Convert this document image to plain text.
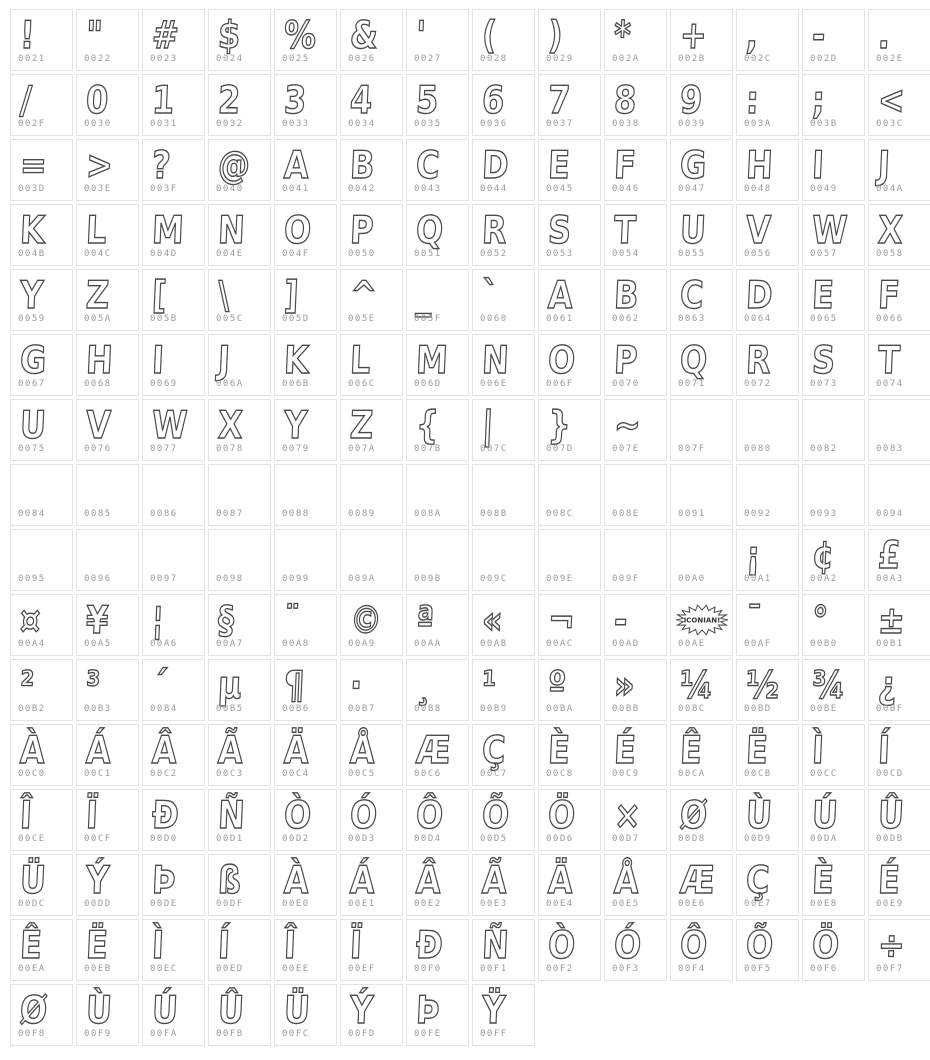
!
0021
"
0022
#
0023
$
0024
%
0025
&
0026
'
0027
(
0028
)
0029
*
002A
+
002B
,
002C
-
002D
.
002E
/
002F
0
0030
1
0031
2
0032
3
0033
4
0034
5
0035
6
0036
7
0037
8
0038
9
0039
:
003A
;
003B
<
003C
=
003D
>
003E
?
003F
@
0040
A
0041
B
0042
C
0043
D
0044
E
0045
F
0046
G
0047
H
0048
I
0049
J
004A
K
004B
L
004C
M
004D
N
004E
O
004F
P
0050
Q
0051
R
0052
S
0053
T
0054
U
0055
V
0056
W
0057
X
0058
Y
0059
Z
005A
[
005B
\
005C
]
005D
^
005E
_
005F
`
0060
A
0061
B
0062
C
0063
D
0064
E
0065
F
0066
G
0067
H
0068
I
0069
J
006A
K
006B
L
006C
M
006D
N
006E
O
006F
P
0070
Q
0071
R
0072
S
0073
T
0074
U
0075
V
0076
W
0077
X
0078
Y
0079
Z
007A
{
007B
|
007C
}
007D
~
007E	007F	0080	0082	0083
0084	0085	0086	0087	0088	0089	008A	008B	008C	008E	0091	0092	0093	0094
0095	0096	0097	0098	0099	009A	009B	009C	009E	009F	00A0
¡
00A1
¢
00A2
£
00A3
¤
00A4
¥
00A5
¦
00A6
§
00A7
¨
00A8
©
00A9
ª
00AA
«
00AB
¬
00AC
-
00AD
ICONIAN!
00AE
¯
00AF
°
00B0
±
00B1
²
00B2
³
00B3
´
00B4
µ
00B5
¶
00B6
·
00B7
¸
00B8
¹
00B9
º
00BA
»
00BB
¼
00BC
½
00BD
¾
00BE
¿
00BF
À
00C0
Á
00C1
Â
00C2
Ã
00C3
Ä
00C4
Å
00C5
Æ
00C6
Ç
00C7
È
00C8
É
00C9
Ê
00CA
Ë
00CB
Ì
00CC
Í
00CD
Î
00CE
Ï
00CF
Ð
00D0
Ñ
00D1
Ò
00D2
Ó
00D3
Ô
00D4
Õ
00D5
Ö
00D6
×
00D7
Ø
00D8
Ù
00D9
Ú
00DA
Û
00DB
Ü
00DC
Ý
00DD
Þ
00DE
ß
00DF
À
00E0
Á
00E1
Â
00E2
Ã
00E3
Ä
00E4
Å
00E5
Æ
00E6
Ç
00E7
È
00E8
É
00E9
Ê
00EA
Ë
00EB
Ì
00EC
Í
00ED
Î
00EE
Ï
00EF
Ð
00F0
Ñ
00F1
Ò
00F2
Ó
00F3
Ô
00F4
Õ
00F5
Ö
00F6
÷
00F7
Ø
00F8
Ù
00F9
Ú
00FA
Û
00FB
Ü
00FC
Ý
00FD
Þ
00FE
Ÿ
00FF
